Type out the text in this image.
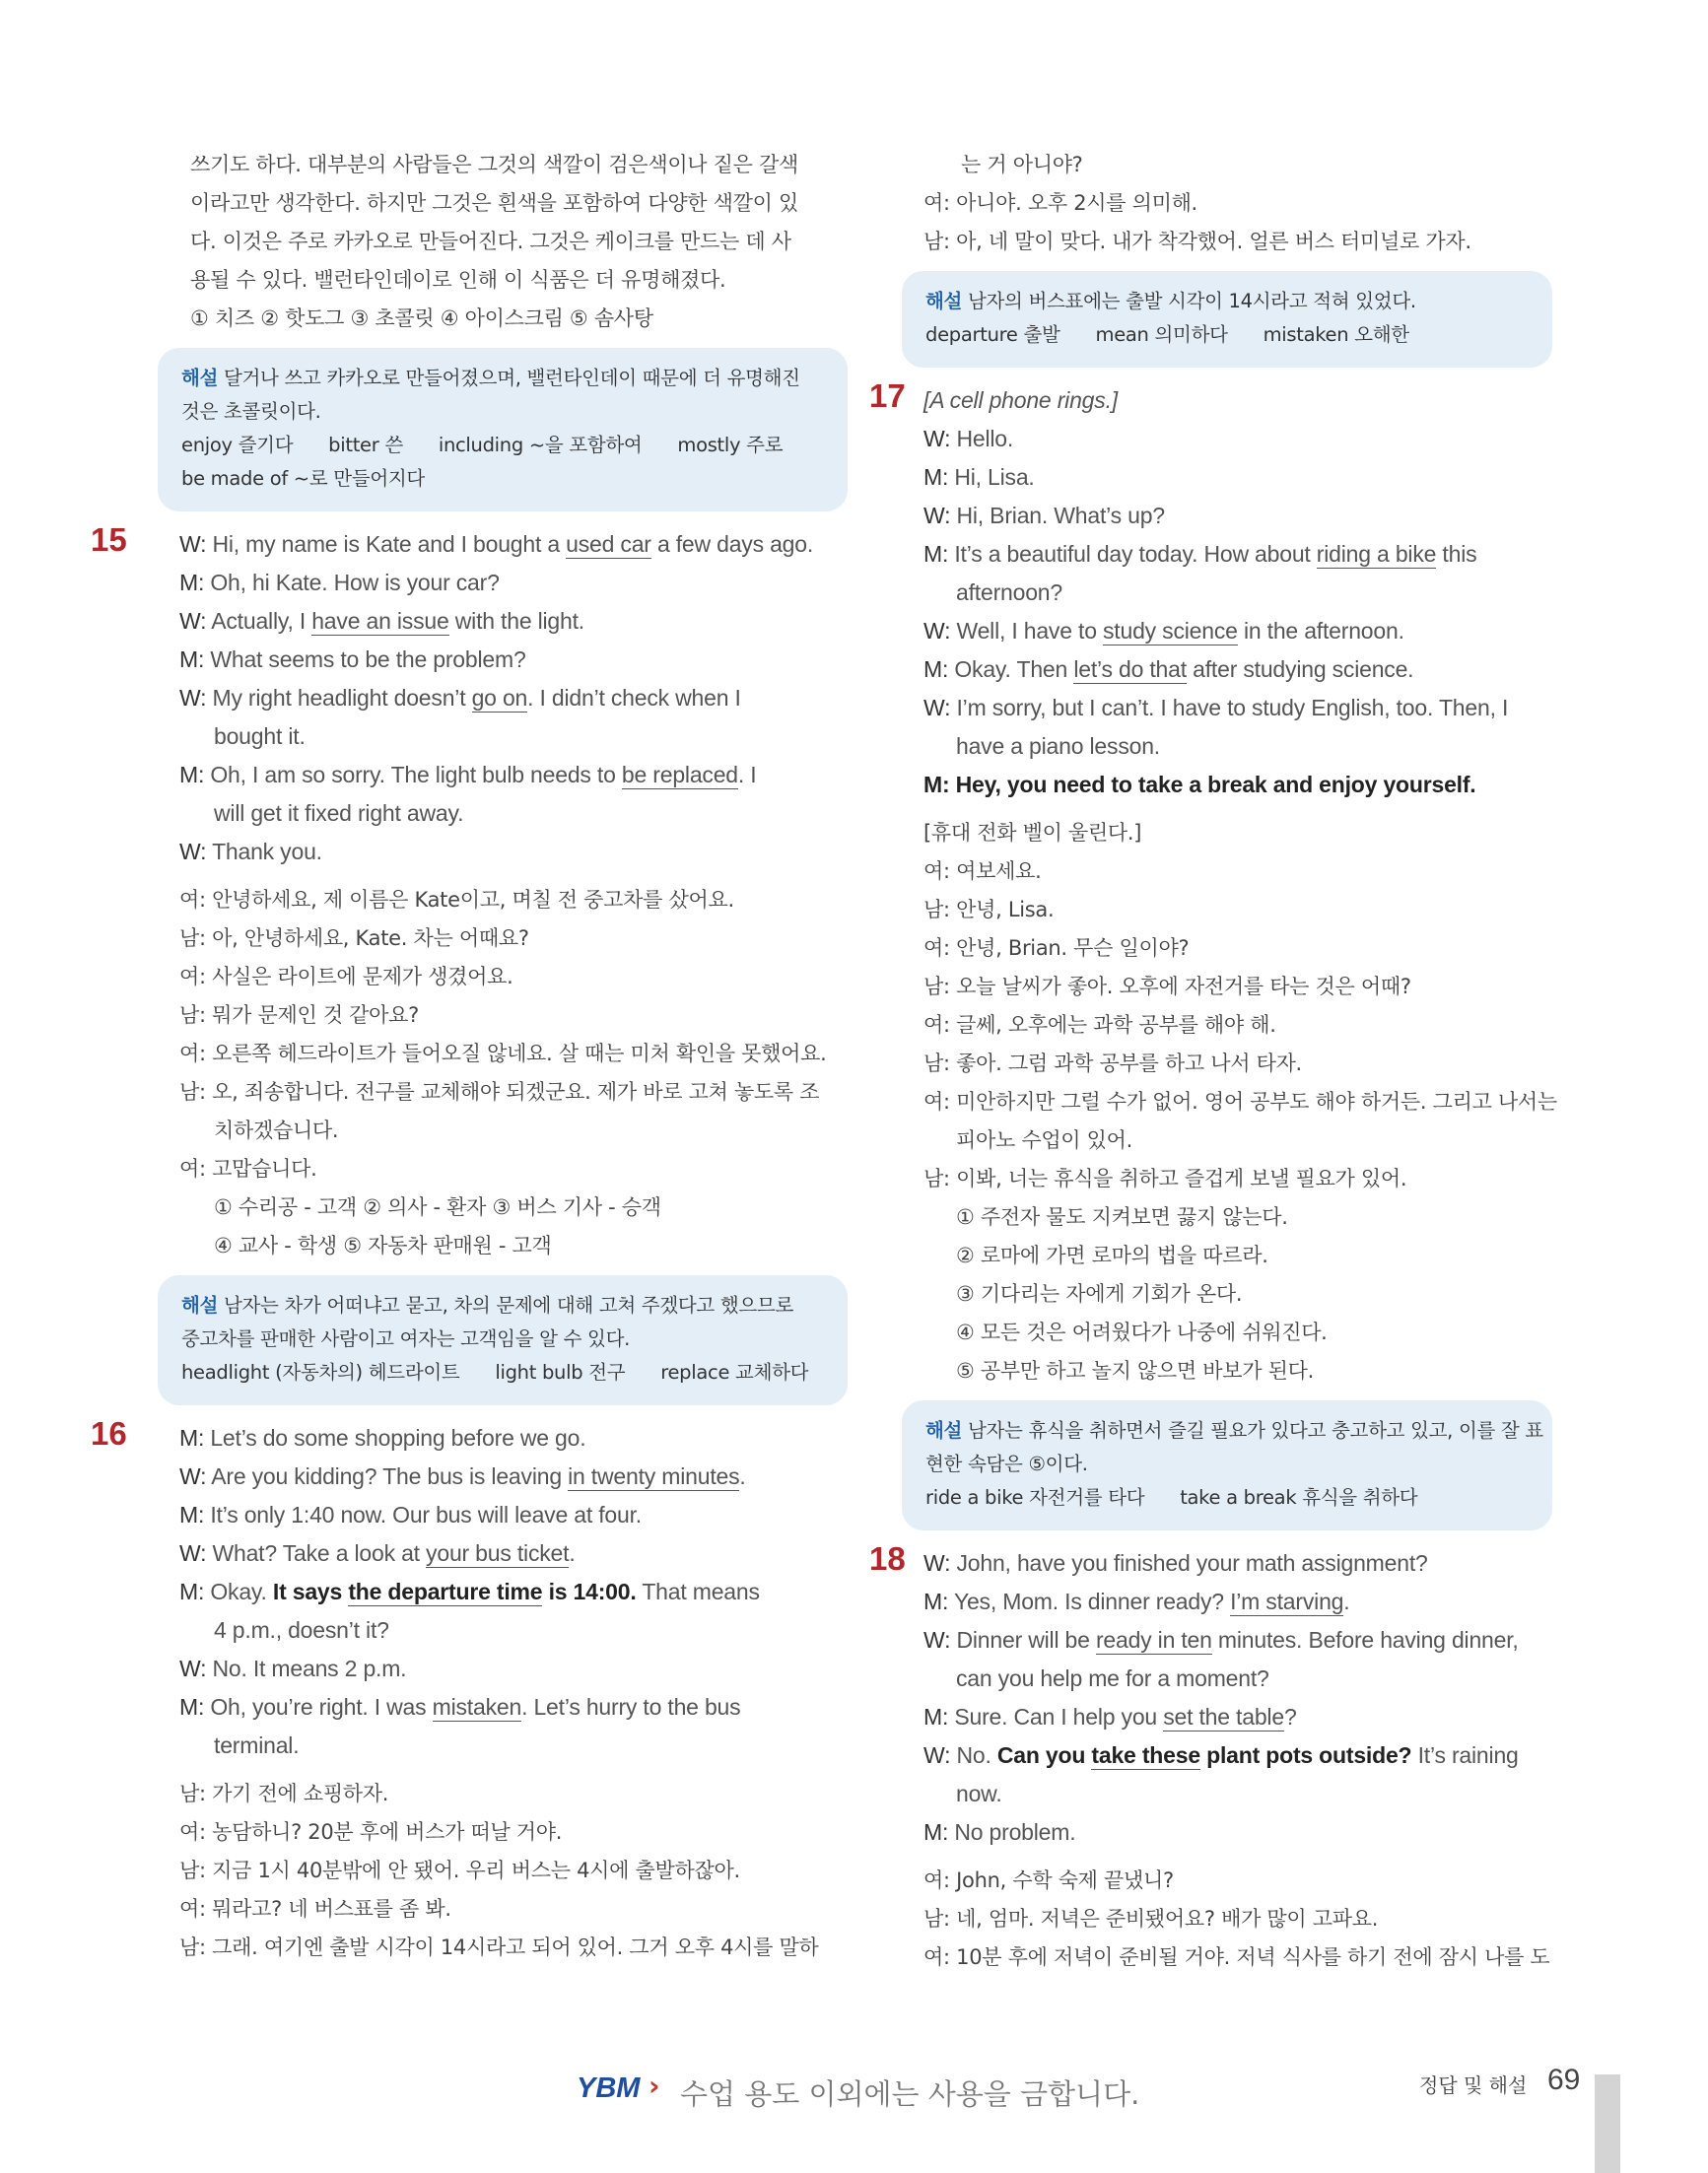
쓰기도 하다. 대부분의 사람들은 그것의 색깔이 검은색이나 짙은 갈색
이라고만 생각한다. 하지만 그것은 흰색을 포함하여 다양한 색깔이 있
다. 이것은 주로 카카오로 만들어진다. 그것은 케이크를 만드는 데 사
용될 수 있다. 밸런타인데이로 인해 이 식품은 더 유명해졌다.
① 치즈 ② 핫도그 ③ 초콜릿 ④ 아이스크림 ⑤ 솜사탕
해설 달거나 쓰고 카카오로 만들어졌으며, 밸런타인데이 때문에 더 유명해진
것은 초콜릿이다.
enjoy 즐기다 bitter 쓴 including ~을 포함하여 mostly 주로
be made of ~로 만들어지다
15	W: Hi, my name is Kate and I bought a used car a few days ago.
M: Oh, hi Kate. How is your car?
W: Actually, I have an issue with the light.
M: What seems to be the problem?
W: My right headlight doesn’t go on. I didn’t check when I
bought it.
M: Oh, I am so sorry. The light bulb needs to be replaced. I
will get it fixed right away.
W: Thank you.
여: 안녕하세요, 제 이름은 Kate이고, 며칠 전 중고차를 샀어요.
남: 아, 안녕하세요, Kate. 차는 어때요?
여: 사실은 라이트에 문제가 생겼어요.
남: 뭐가 문제인 것 같아요?
여: 오른쪽 헤드라이트가 들어오질 않네요. 살 때는 미처 확인을 못했어요.
남: 오, 죄송합니다. 전구를 교체해야 되겠군요. 제가 바로 고쳐 놓도록 조
치하겠습니다.
여: 고맙습니다.
① 수리공 - 고객 ② 의사 - 환자 ③ 버스 기사 - 승객
④ 교사 - 학생 ⑤ 자동차 판매원 - 고객
해설 남자는 차가 어떠냐고 묻고, 차의 문제에 대해 고쳐 주겠다고 했으므로
중고차를 판매한 사람이고 여자는 고객임을 알 수 있다.
headlight (자동차의) 헤드라이트 light bulb 전구 replace 교체하다
16	M: Let’s do some shopping before we go.
W: Are you kidding? The bus is leaving in twenty minutes.
M: It’s only 1:40 now. Our bus will leave at four.
W: What? Take a look at your bus ticket.
M: Okay. It says the departure time is 14:00. That means
4 p.m., doesn’t it?
W: No. It means 2 p.m.
M: Oh, you’re right. I was mistaken. Let’s hurry to the bus
terminal.
남: 가기 전에 쇼핑하자.
여: 농담하니? 20분 후에 버스가 떠날 거야.
남: 지금 1시 40분밖에 안 됐어. 우리 버스는 4시에 출발하잖아.
여: 뭐라고? 네 버스표를 좀 봐.
남: 그래. 여기엔 출발 시각이 14시라고 되어 있어. 그거 오후 4시를 말하
는 거 아니야?
여: 아니야. 오후 2시를 의미해.
남: 아, 네 말이 맞다. 내가 착각했어. 얼른 버스 터미널로 가자.
해설 남자의 버스표에는 출발 시각이 14시라고 적혀 있었다.
departure 출발 mean 의미하다 mistaken 오해한
17 [A cell phone rings.]
W: Hello.
M: Hi, Lisa.
W: Hi, Brian. What’s up?
M: It’s a beautiful day today. How about riding a bike this
afternoon?
W: Well, I have to study science in the afternoon.
M: Okay. Then let’s do that after studying science.
W: I’m sorry, but I can’t. I have to study English, too. Then, I
have a piano lesson.
M: Hey, you need to take a break and enjoy yourself.
[휴대 전화 벨이 울린다.]
여: 여보세요.
남: 안녕, Lisa.
여: 안녕, Brian. 무슨 일이야?
남: 오늘 날씨가 좋아. 오후에 자전거를 타는 것은 어때?
여: 글쎄, 오후에는 과학 공부를 해야 해.
남: 좋아. 그럼 과학 공부를 하고 나서 타자.
여: 미안하지만 그럴 수가 없어. 영어 공부도 해야 하거든. 그리고 나서는
피아노 수업이 있어.
남: 이봐, 너는 휴식을 취하고 즐겁게 보낼 필요가 있어.
① 주전자 물도 지켜보면 끓지 않는다.
② 로마에 가면 로마의 법을 따르라.
③ 기다리는 자에게 기회가 온다.
④ 모든 것은 어려웠다가 나중에 쉬워진다.
⑤ 공부만 하고 놀지 않으면 바보가 된다.
해설 남자는 휴식을 취하면서 즐길 필요가 있다고 충고하고 있고, 이를 잘 표
현한 속담은 ⑤이다.
ride a bike 자전거를 타다 take a break 휴식을 취하다
18 W: John, have you finished your math assignment?
M: Yes, Mom. Is dinner ready? I’m starving.
W: Dinner will be ready in ten minutes. Before having dinner,
can you help me for a moment?
M: Sure. Can I help you set the table?
W: No. Can you take these plant pots outside? It’s raining
now.
M: No problem.
여: John, 수학 숙제 끝냈니?
남: 네, 엄마. 저녁은 준비됐어요? 배가 많이 고파요.
여: 10분 후에 저녁이 준비될 거야. 저녁 식사를 하기 전에 잠시 나를 도
YBM › 수업 용도 이외에는 사용을 금합니다.	정답 및 해설 69
